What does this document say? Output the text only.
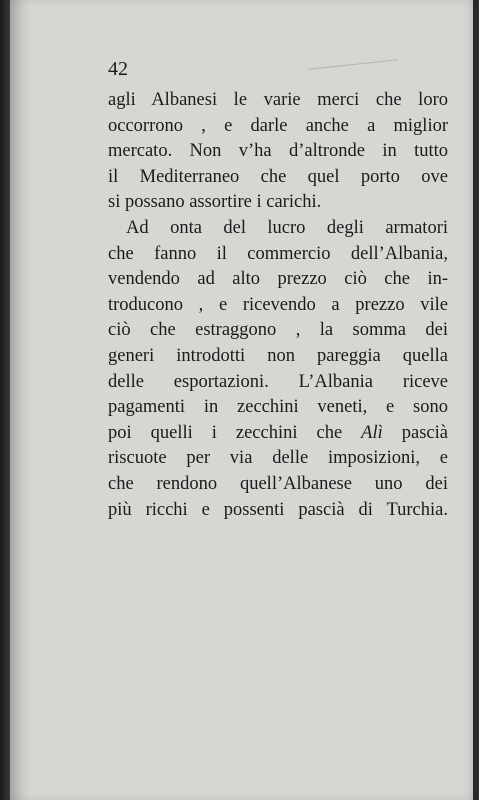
42
agli Albanesi le varie merci che loro
occorrono , e darle anche a miglior
mercato. Non v’ha d’altronde in tutto
il Mediterraneo che quel porto ove
si possano assortire i carichi.
Ad onta del lucro degli armatori
che fanno il commercio dell’Albania,
vendendo ad alto prezzo ciò che in-
troducono , e ricevendo a prezzo vile
ciò che estraggono , la somma dei
generi introdotti non pareggia quella
delle esportazioni. L’Albania riceve
pagamenti in zecchini veneti, e sono
poi quelli i zecchini che Alì pascià
riscuote per via delle imposizioni, e
che rendono quell’Albanese uno dei
più ricchi e possenti pascià di Turchia.
